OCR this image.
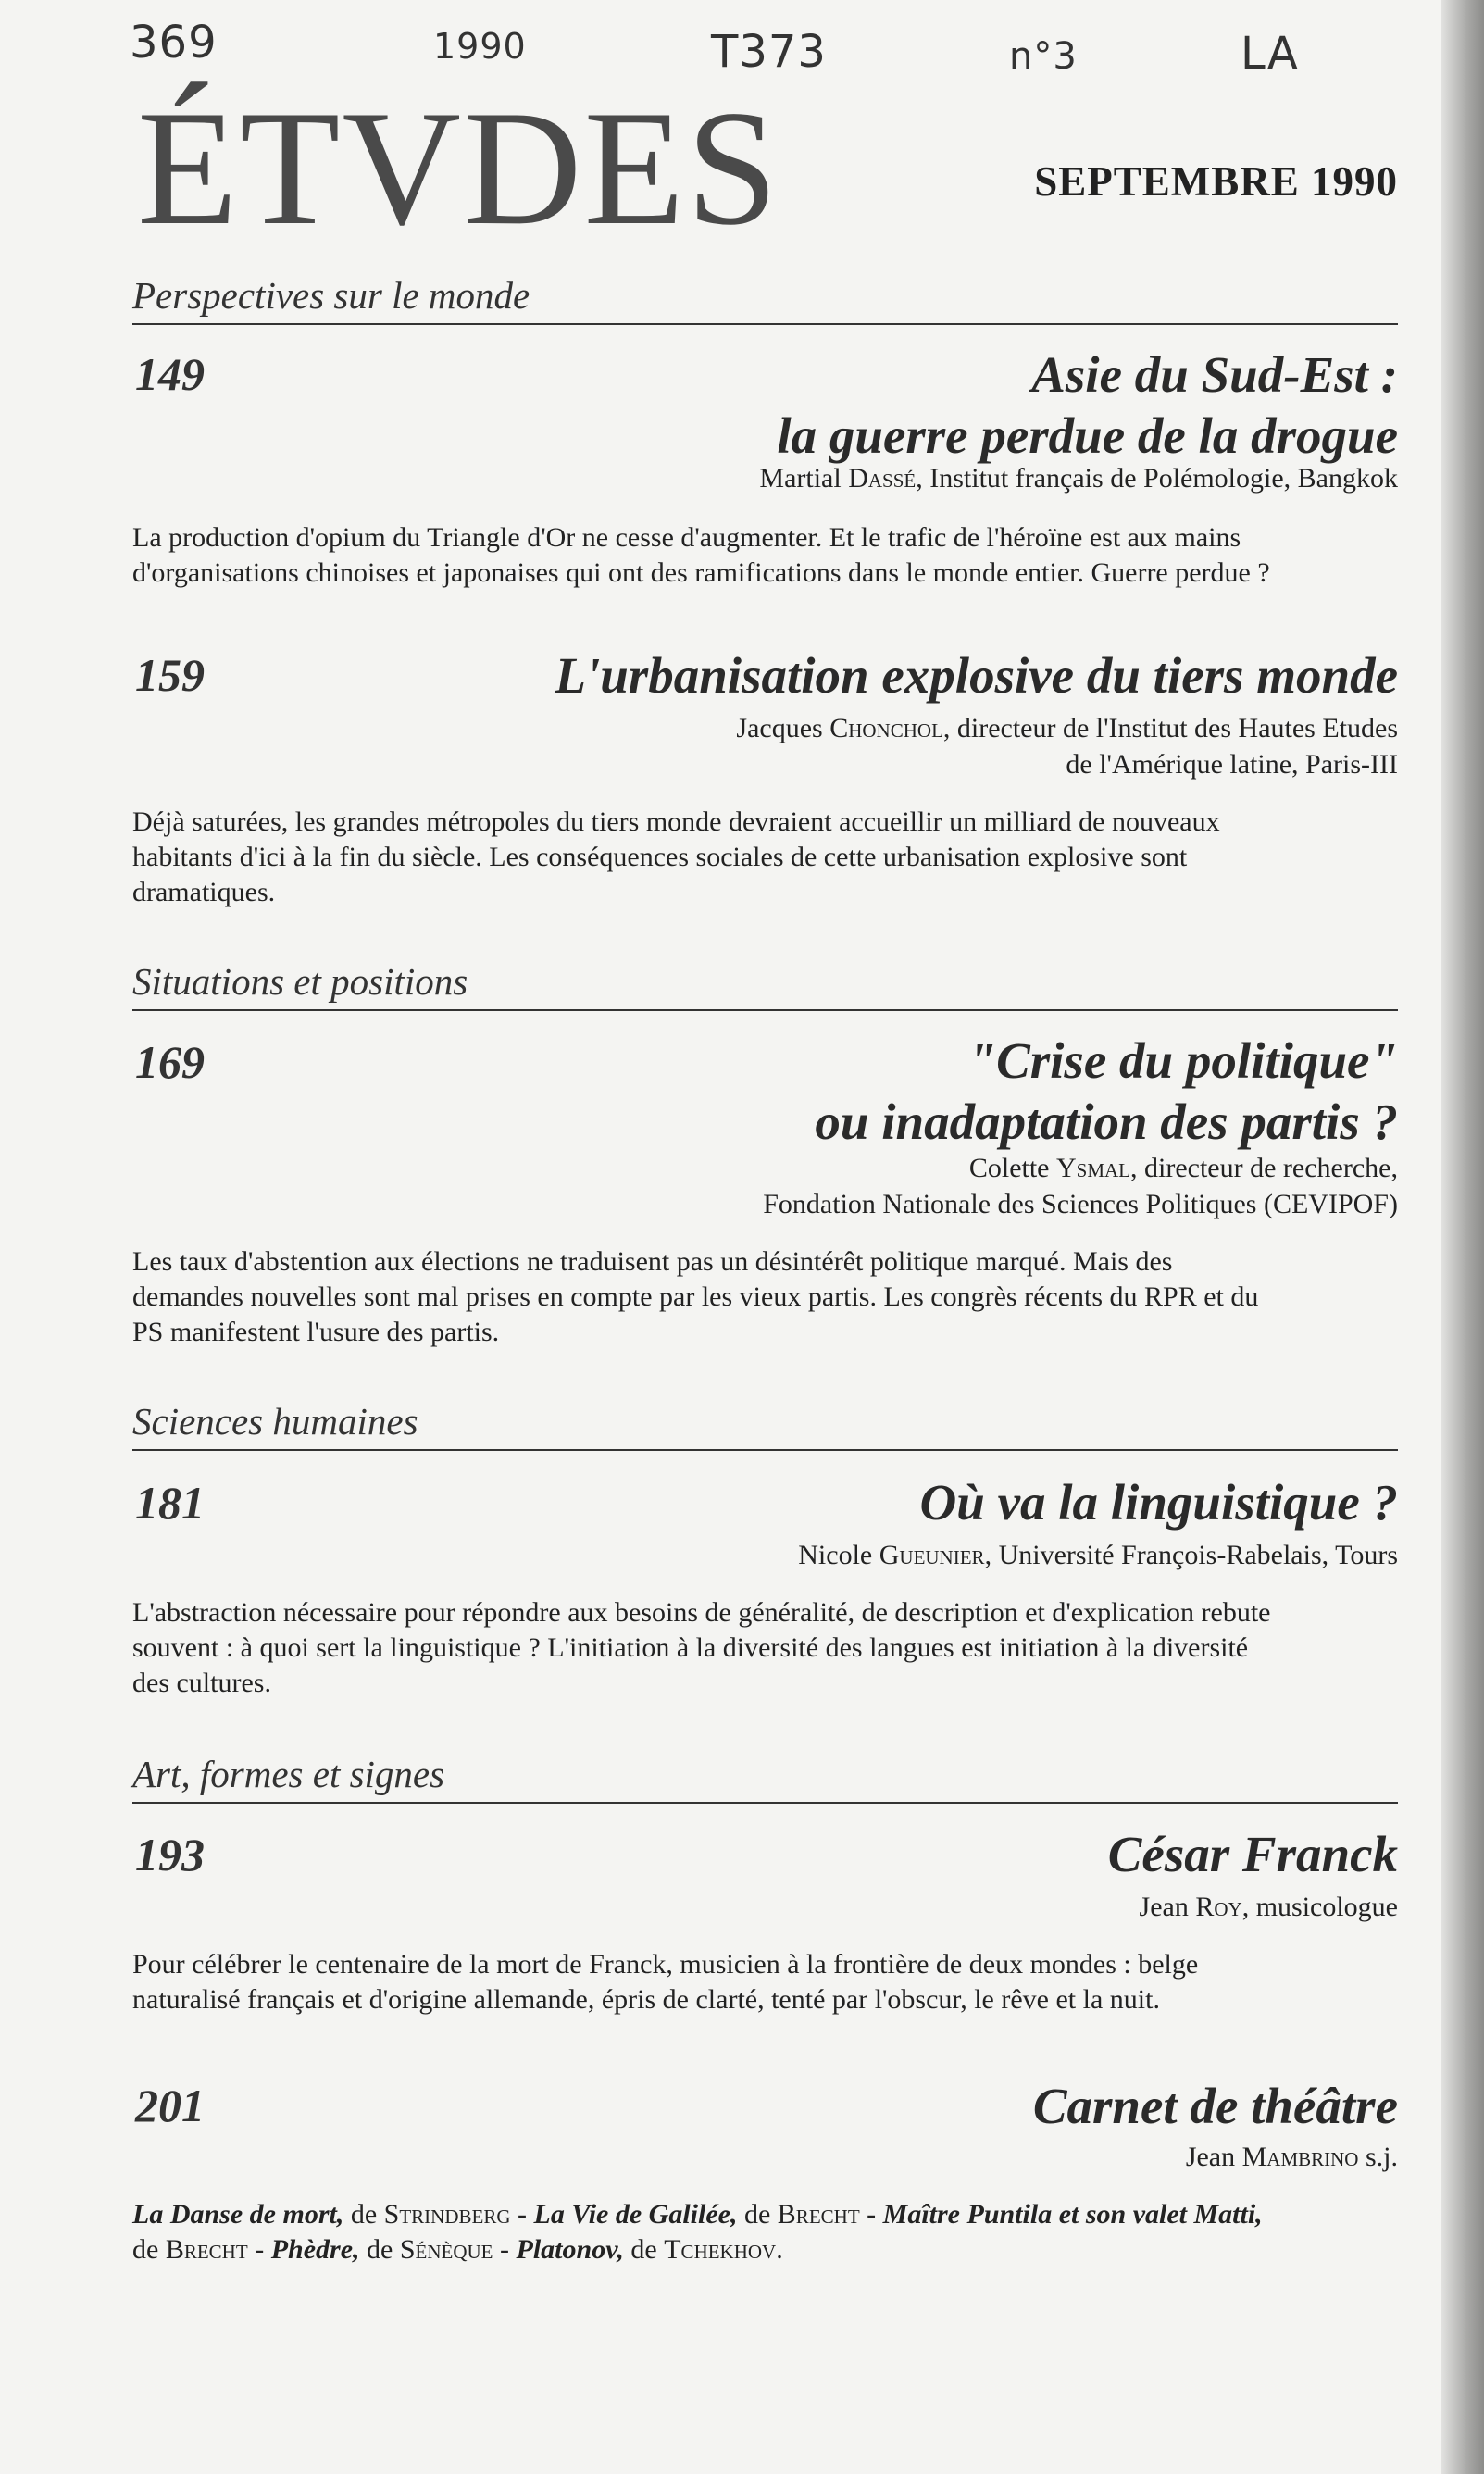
369	1990	T373	n°3	LA
ÉTVDES	SEPTEMBRE 1990
Perspectives sur le monde
149	Asie du Sud-Est :
la guerre perdue de la drogue
Martial Dassé, Institut français de Polémologie, Bangkok
La production d'opium du Triangle d'Or ne cesse d'augmenter. Et le trafic de l'héroïne est aux mains d'organisations chinoises et japonaises qui ont des ramifications dans le monde entier. Guerre perdue ?
159	L'urbanisation explosive du tiers monde
Jacques Chonchol, directeur de l'Institut des Hautes Etudes
de l'Amérique latine, Paris-III
Déjà saturées, les grandes métropoles du tiers monde devraient accueillir un milliard de nouveaux habitants d'ici à la fin du siècle. Les conséquences sociales de cette urbanisation explosive sont dramatiques.
Situations et positions
169	"Crise du politique"
ou inadaptation des partis ?
Colette Ysmal, directeur de recherche,
Fondation Nationale des Sciences Politiques (CEVIPOF)
Les taux d'abstention aux élections ne traduisent pas un désintérêt politique marqué. Mais des demandes nouvelles sont mal prises en compte par les vieux partis. Les congrès récents du RPR et du PS manifestent l'usure des partis.
Sciences humaines
181	Où va la linguistique ?
Nicole Gueunier, Université François-Rabelais, Tours
L'abstraction nécessaire pour répondre aux besoins de généralité, de description et d'explication rebute souvent : à quoi sert la linguistique ? L'initiation à la diversité des langues est initiation à la diversité des cultures.
Art, formes et signes
193	César Franck
Jean Roy, musicologue
Pour célébrer le centenaire de la mort de Franck, musicien à la frontière de deux mondes : belge naturalisé français et d'origine allemande, épris de clarté, tenté par l'obscur, le rêve et la nuit.
201	Carnet de théâtre
Jean Mambrino s.j.
La Danse de mort, de Strindberg - La Vie de Galilée, de Brecht - Maître Puntila et son valet Matti, de Brecht - Phèdre, de Sénèque - Platonov, de Tchekhov.
